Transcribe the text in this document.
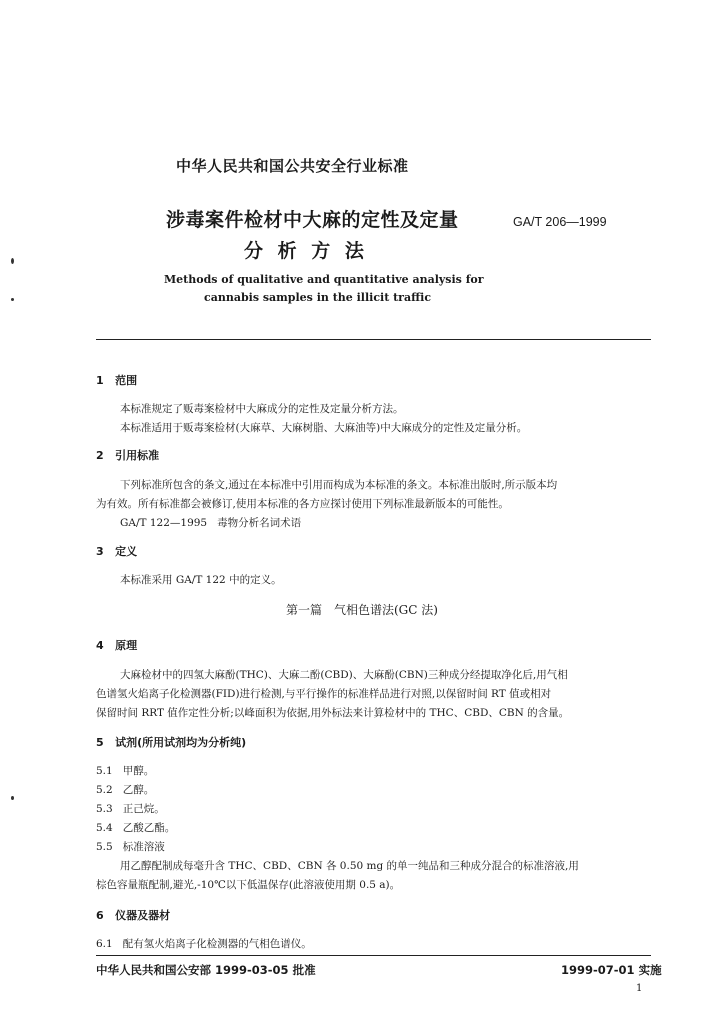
中华人民共和国公共安全行业标准
涉毒案件检材中大麻的定性及定量
分 析 方 法
GA/T 206—1999
Methods of qualitative and quantitative analysis for
cannabis samples in the illicit traffic
1 范围
本标准规定了贩毒案检材中大麻成分的定性及定量分析方法。
本标准适用于贩毒案检材(大麻草、大麻树脂、大麻油等)中大麻成分的定性及定量分析。
2 引用标准
下列标准所包含的条文,通过在本标准中引用而构成为本标准的条文。本标准出版时,所示版本均
为有效。所有标准都会被修订,使用本标准的各方应探讨使用下列标准最新版本的可能性。
GA/T 122—1995 毒物分析名词术语
3 定义
本标准采用 GA/T 122 中的定义。
第一篇　气相色谱法(GC 法)
4 原理
大麻检材中的四氢大麻酚(THC)、大麻二酚(CBD)、大麻酚(CBN)三种成分经提取净化后,用气相
色谱氢火焰离子化检测器(FID)进行检测,与平行操作的标准样品进行对照,以保留时间 RT 值或相对
保留时间 RRT 值作定性分析;以峰面积为依据,用外标法来计算检材中的 THC、CBD、CBN 的含量。
5 试剂(所用试剂均为分析纯)
5.1 甲醇。
5.2 乙醇。
5.3 正己烷。
5.4 乙酸乙酯。
5.5 标准溶液
用乙醇配制成每毫升含 THC、CBD、CBN 各 0.50 mg 的单一纯品和三种成分混合的标准溶液,用
棕色容量瓶配制,避光,-10℃以下低温保存(此溶液使用期 0.5 a)。
6 仪器及器材
6.1 配有氢火焰离子化检测器的气相色谱仪。
中华人民共和国公安部 1999-03-05 批准	1999-07-01 实施
1
